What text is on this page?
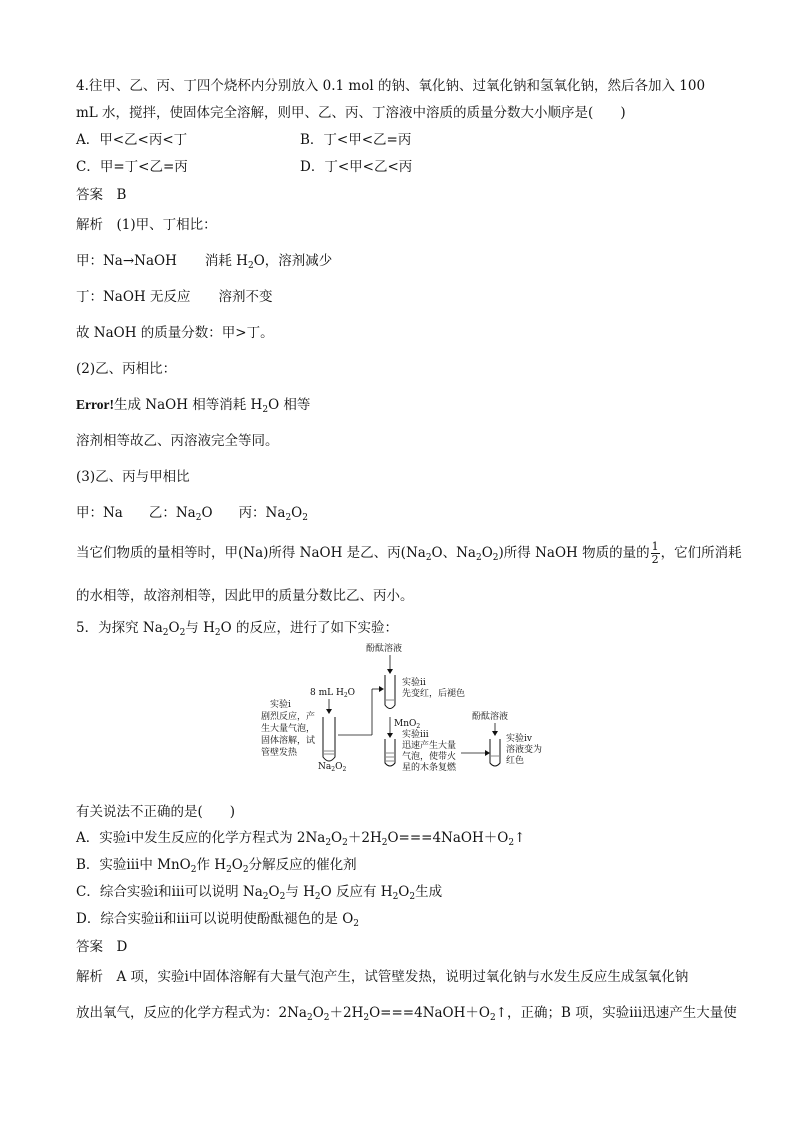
4.往甲、乙、丙、丁四个烧杯内分别放入 0.1 mol 的钠、氧化钠、过氧化钠和氢氧化钠，然后各加入 100
mL 水，搅拌，使固体完全溶解，则甲、乙、丙、丁溶液中溶质的质量分数大小顺序是(　　)
A．甲<乙<丙<丁	B．丁<甲<乙=丙
C．甲=丁<乙=丙	D．丁<甲<乙<丙
答案　B
解析　(1)甲、丁相比：
甲：Na→NaOH 消耗 $H_2O$，溶剂减少
丁：NaOH 无反应 溶剂不变
故 NaOH 的质量分数：甲>丁。
(2)乙、丙相比：
Error!生成 NaOH 相等消耗 $H_2O$ 相等
溶剂相等故乙、丙溶液完全等同。
(3)乙、丙与甲相比
甲：Na 乙：$Na_2O$ 丙：$Na_2O_2$
当它们物质的量相等时，甲(Na)所得 NaOH 是乙、丙($Na_2O$、$Na_2O_2$)所得 NaOH 物质的量的 $\frac{1}{2}$ ，它们所消耗
的水相等，故溶剂相等，因此甲的质量分数比乙、丙小。
5．为探究 $Na_2O_2$与 $H_2O$ 的反应，进行了如下实验：
酚酞溶液
8 mL $H_2O$
实验i
剧烈反应，产
生大量气泡，
固体溶解，试
管壁发热
$Na_2O_2$
实验ii
先变红，后褪色
MnO$_2$
实验iii
迅速产生大量
气泡，使带火
星的木条复燃
酚酞溶液
实验iv
溶液变为
红色
有关说法不正确的是(　　)
A．实验ⅰ中发生反应的化学方程式为 $2Na_2O_2+2H_2O===4NaOH+O_2↑$
B．实验ⅲ中 MnO$_2$作 $H_2O_2$分解反应的催化剂
C．综合实验ⅰ和ⅲ可以说明 $Na_2O_2$与 $H_2O$ 反应有 $H_2O_2$生成
D．综合实验ⅱ和ⅲ可以说明使酚酞褪色的是 $O_2$
答案　D
解析　A 项，实验ⅰ中固体溶解有大量气泡产生，试管壁发热，说明过氧化钠与水发生反应生成氢氧化钠
放出氧气，反应的化学方程式为：$2Na_2O_2+2H_2O===4NaOH+O_2↑$，正确；B 项，实验ⅲ迅速产生大量使
